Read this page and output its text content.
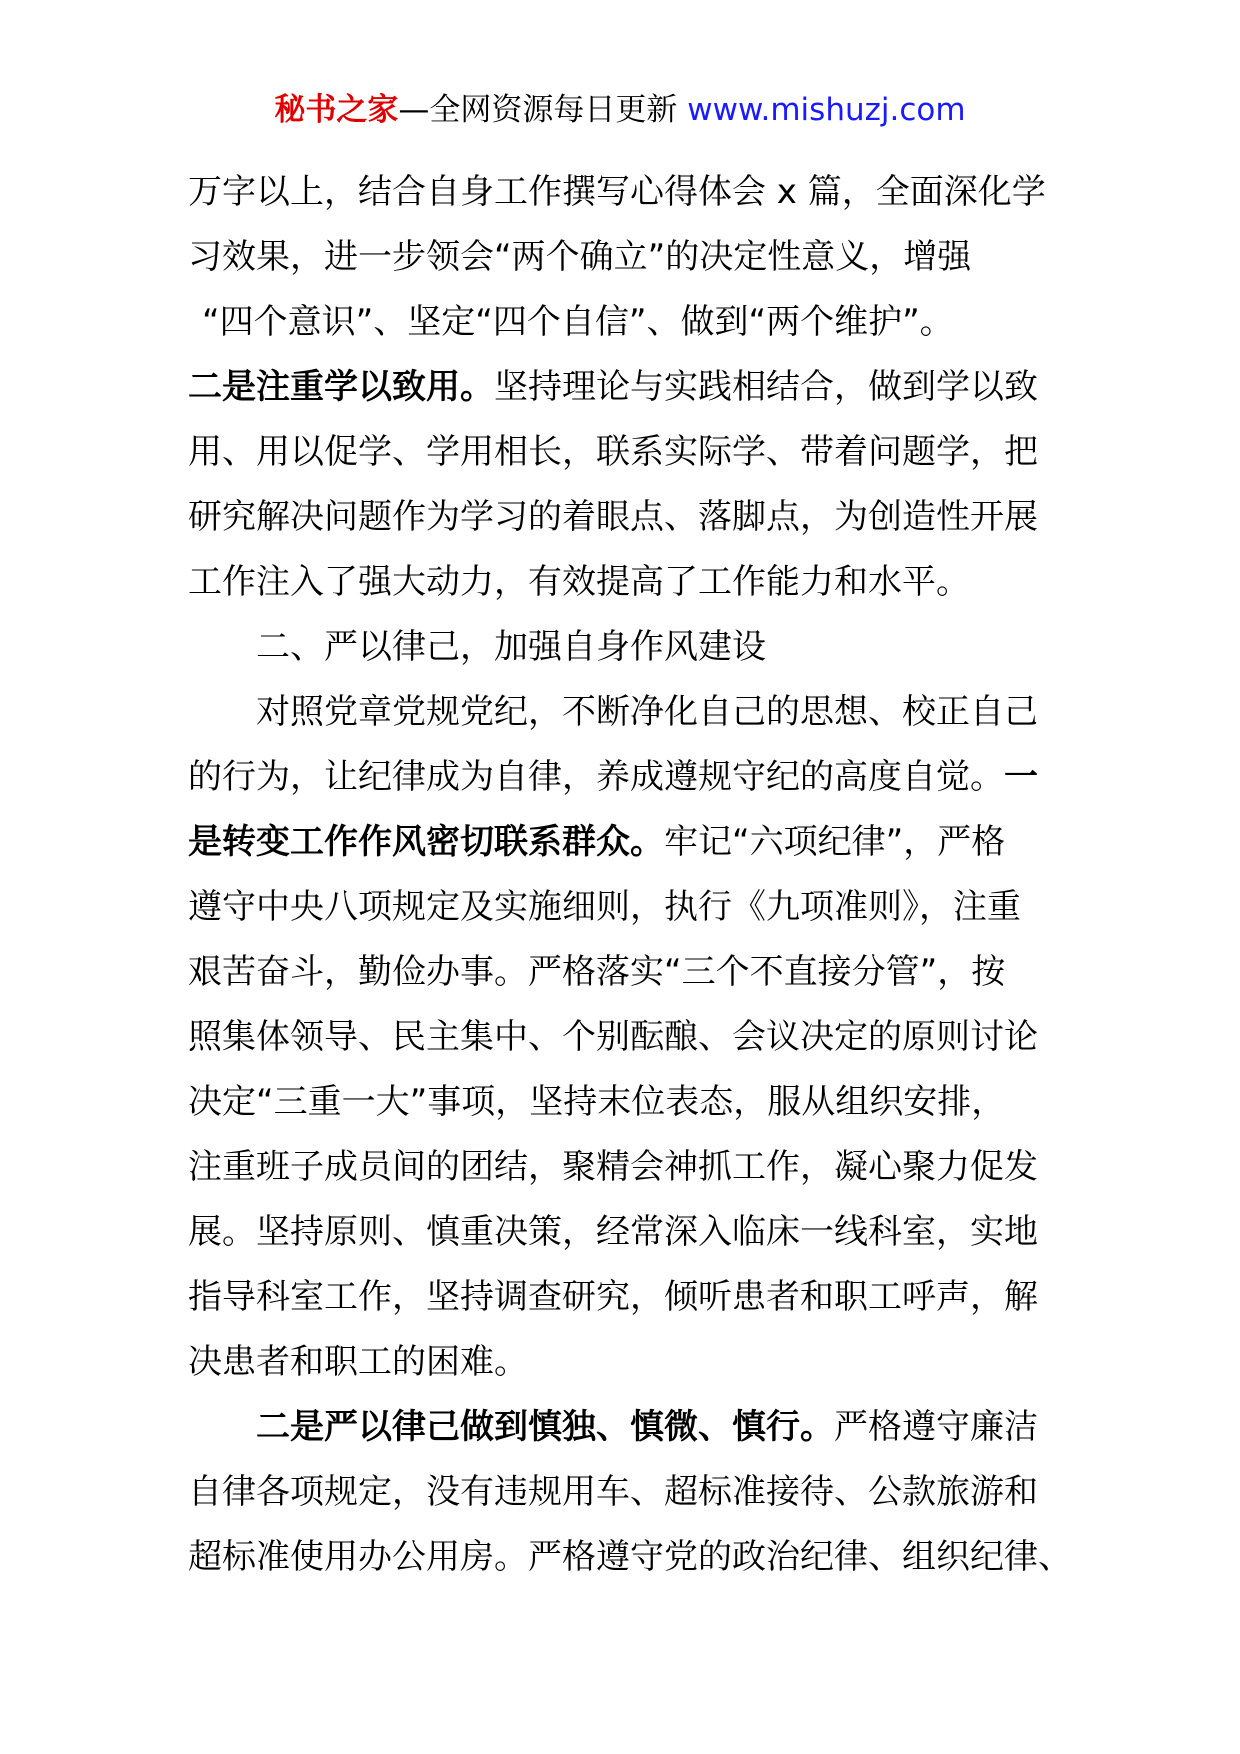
秘书之家—全网资源每日更新 www.mishuzj.com
万字以上，结合自身工作撰写心得体会 x 篇，全面深化学
习效果，进一步领会“两个确立”的决定性意义，增强
“四个意识”、坚定“四个自信”、做到“两个维护”。
二是注重学以致用。坚持理论与实践相结合，做到学以致
用、用以促学、学用相长，联系实际学、带着问题学，把
研究解决问题作为学习的着眼点、落脚点，为创造性开展
工作注入了强大动力，有效提高了工作能力和水平。
二、严以律己，加强自身作风建设
对照党章党规党纪，不断净化自己的思想、校正自己
的行为，让纪律成为自律，养成遵规守纪的高度自觉。一
是转变工作作风密切联系群众。牢记“六项纪律”，严格
遵守中央八项规定及实施细则，执行《九项准则》，注重
艰苦奋斗，勤俭办事。严格落实“三个不直接分管”，按
照集体领导、民主集中、个别酝酿、会议决定的原则讨论
决定“三重一大”事项，坚持末位表态，服从组织安排，
注重班子成员间的团结，聚精会神抓工作，凝心聚力促发
展。坚持原则、慎重决策，经常深入临床一线科室，实地
指导科室工作，坚持调查研究，倾听患者和职工呼声，解
决患者和职工的困难。
二是严以律己做到慎独、慎微、慎行。严格遵守廉洁
自律各项规定，没有违规用车、超标准接待、公款旅游和
超标准使用办公用房。严格遵守党的政治纪律、组织纪律、
